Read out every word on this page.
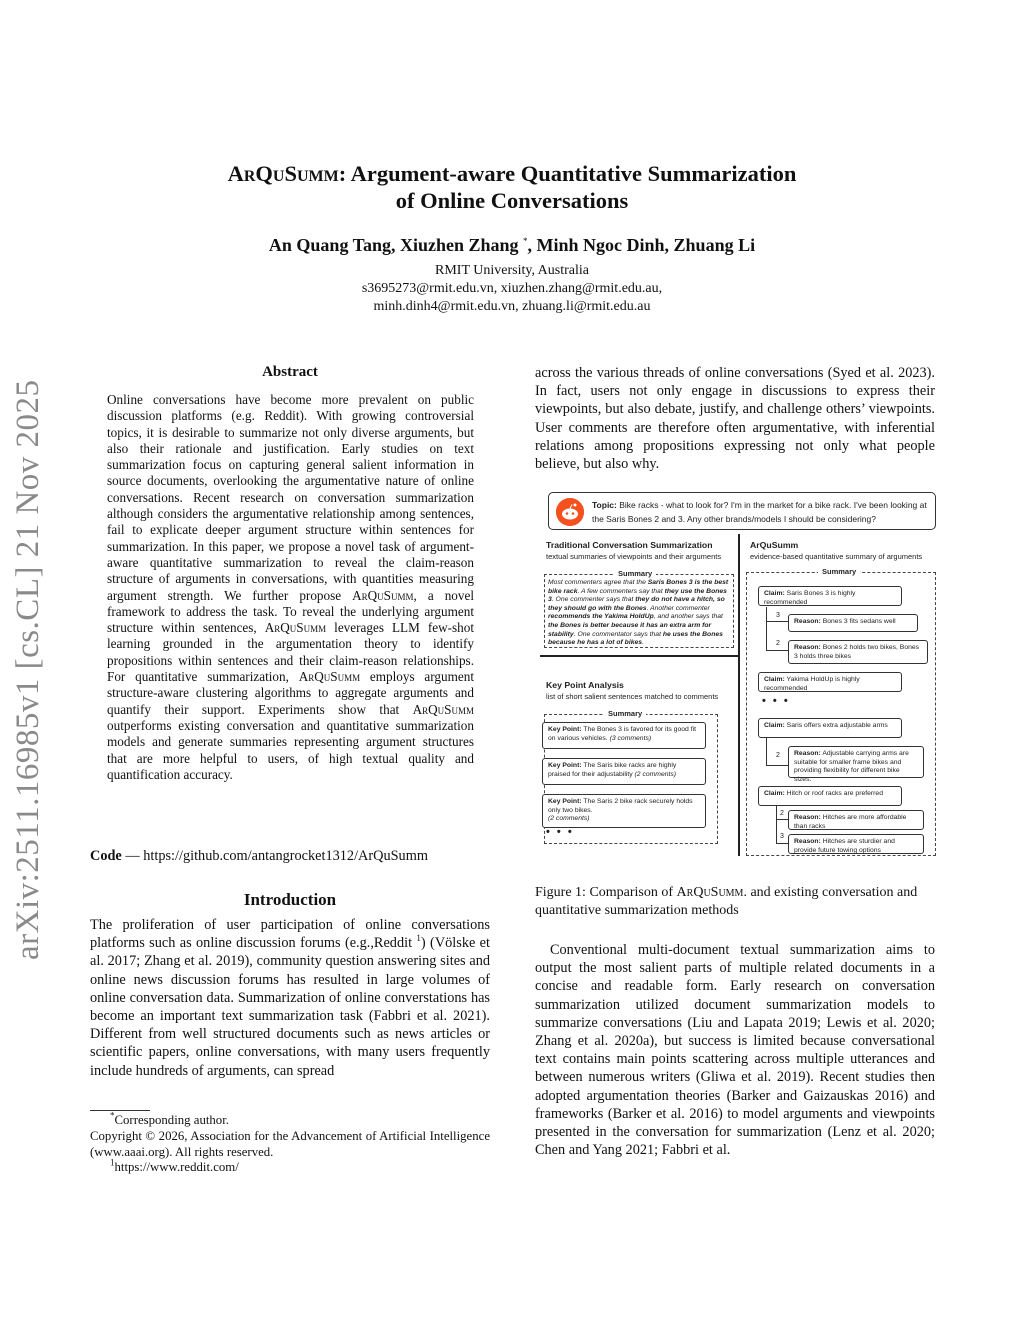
arXiv:2511.16985v1 [cs.CL] 21 Nov 2025
ArQuSumm: Argument-aware Quantitative Summarization
of Online Conversations
An Quang Tang, Xiuzhen Zhang *, Minh Ngoc Dinh, Zhuang Li
RMIT University, Australia
s3695273@rmit.edu.vn, xiuzhen.zhang@rmit.edu.au,
minh.dinh4@rmit.edu.vn, zhuang.li@rmit.edu.au
Abstract
Online conversations have become more prevalent on public discussion platforms (e.g. Reddit). With growing controversial topics, it is desirable to summarize not only diverse arguments, but also their rationale and justification. Early studies on text summarization focus on capturing general salient information in source documents, overlooking the argumentative nature of online conversations. Recent research on conversation summarization although considers the argumentative relationship among sentences, fail to explicate deeper argument structure within sentences for summarization. In this paper, we propose a novel task of argument-aware quantitative summarization to reveal the claim-reason structure of arguments in conversations, with quantities measuring argument strength. We further propose ArQuSumm, a novel framework to address the task. To reveal the underlying argument structure within sentences, ArQuSumm leverages LLM few-shot learning grounded in the argumentation theory to identify propositions within sentences and their claim-reason relationships. For quantitative summarization, ArQuSumm employs argument structure-aware clustering algorithms to aggregate arguments and quantify their support. Experiments show that ArQuSumm outperforms existing conversation and quantitative summarization models and generate summaries representing argument structures that are more helpful to users, of high textual quality and quantification accuracy.
Code — https://github.com/antangrocket1312/ArQuSumm
Introduction
The proliferation of user participation of online conversations platforms such as online discussion forums (e.g.,Reddit $^1$) (Völske et al. 2017; Zhang et al. 2019), community question answering sites and online news discussion forums has resulted in large volumes of online conversation data. Summarization of online converstations has become an important text summarization task (Fabbri et al. 2021). Different from well structured documents such as news articles or scientific papers, online conversations, with many users frequently include hundreds of arguments, can spread
*Corresponding author.
Copyright © 2026, Association for the Advancement of Artificial Intelligence (www.aaai.org). All rights reserved.
$^1$https://www.reddit.com/
across the various threads of online conversations (Syed et al. 2023). In fact, users not only engage in discussions to express their viewpoints, but also debate, justify, and challenge others’ viewpoints. User comments are therefore often argumentative, with inferential relations among propositions expressing not only what people believe, but also why.
Topic: Bike racks - what to look for? I'm in the market for a bike rack. I've been looking at the Saris Bones 2 and 3. Any other brands/models I should be considering?
Traditional Conversation Summarization
textual summaries of viewpoints and their arguments
Summary
Most commenters agree that the Saris Bones 3 is the best bike rack. A few commenters say that they use the Bones 3. One commenter says that they do not have a hitch, so they should go with the Bones. Another commenter recommends the Yakima HoldUp, and another says that the Bones is better because it has an extra arm for stability. One commentator says that he uses the Bones because he has a lot of bikes.
Key Point Analysis
list of short salient sentences matched to comments
Summary
Key Point: The Bones 3 is favored for its good fit on various vehicles. (3 comments)
Key Point: The Saris bike racks are highly praised for their adjustability (2 comments)
Key Point: The Saris 2 bike rack securely holds only two bikes.
(2 comments)
• • •
ArQuSumm
evidence-based quantitative summary of arguments
Summary
Claim: Saris Bones 3 is highly recommended
3
Reason: Bones 3 fits sedans well
2
Reason: Bones 2 holds two bikes, Bones 3 holds three bikes
Claim: Yakima HoldUp is highly recommended
• • •
Claim: Saris offers extra adjustable arms
2	Reason: Adjustable carrying arms are suitable for smaller frame bikes and providing flexibility for different bike sizes.
Claim: Hitch or roof racks are preferred
2
Reason: Hitches are more affordable than racks
3
Reason: Hitches are sturdier and provide future towing options
Figure 1: Comparison of ArQuSumm. and existing conversation and quantitative summarization methods
Conventional multi-document textual summarization aims to output the most salient parts of multiple related documents in a concise and readable form. Early research on conversation summarization utilized document summarization models to summarize conversations (Liu and Lapata 2019; Lewis et al. 2020; Zhang et al. 2020a), but success is limited because conversational text contains main points scattering across multiple utterances and between numerous writers (Gliwa et al. 2019). Recent studies then adopted argumentation theories (Barker and Gaizauskas 2016) and frameworks (Barker et al. 2016) to model arguments and viewpoints presented in the conversation for summarization (Lenz et al. 2020; Chen and Yang 2021; Fabbri et al.
